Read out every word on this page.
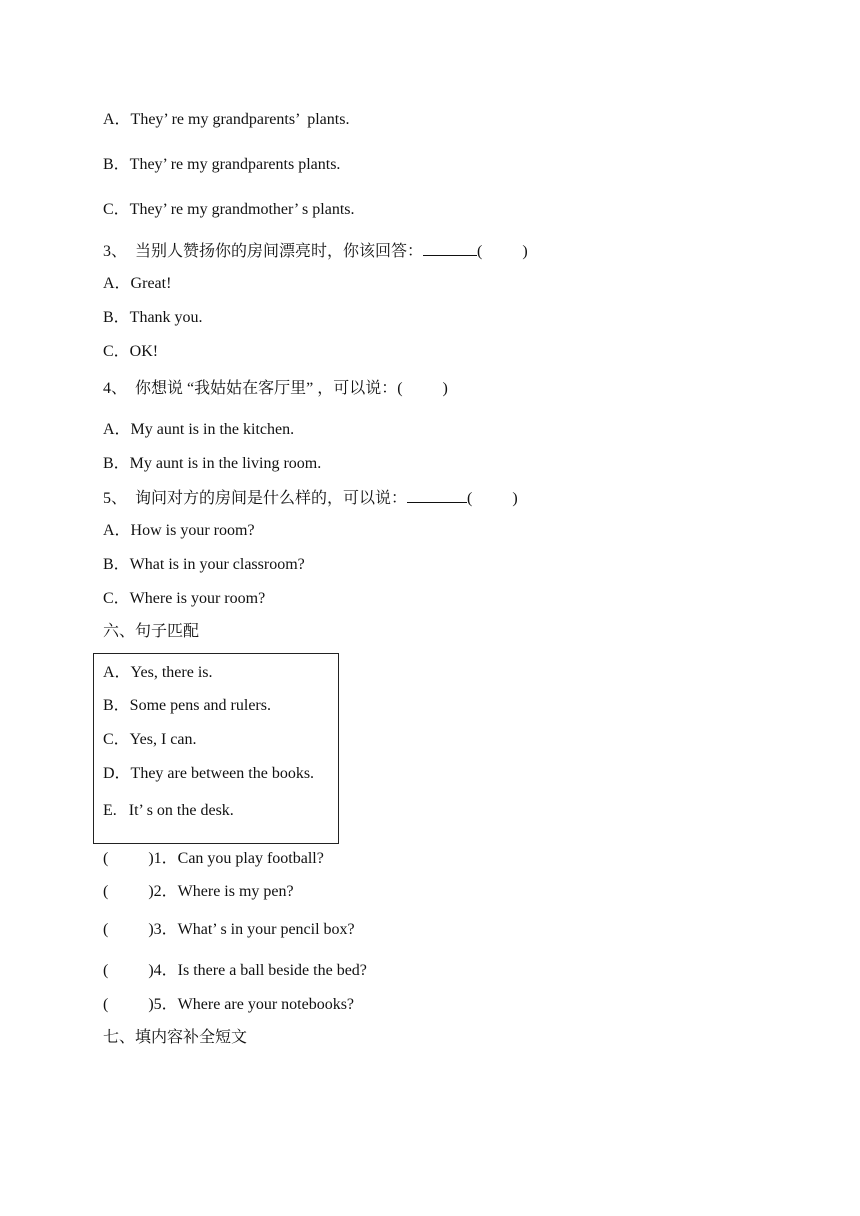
A．They’ re my grandparents’  plants.
B．They’ re my grandparents plants.
C．They’ re my grandmother’ s plants.
3、  当别人赞扬你的房间漂亮时，你该回答：	(          )
A．Great!
B．Thank you.
C．OK!
4、  你想说 “我姑姑在客厅里” ，可以说：(          )
A．My aunt is in the kitchen.
B．My aunt is in the living room.
5、  询问对方的房间是什么样的，可以说：	(          )
A．How is your room?
B．What is in your classroom?
C．Where is your room?
六、句子匹配
A．Yes, there is.
B．Some pens and rulers.
C．Yes, I can.
D．They are between the books.
E.   It’ s on the desk.
(          )1．Can you play football?
(          )2．Where is my pen?
(          )3．What’ s in your pencil box?
(          )4．Is there a ball beside the bed?
(          )5．Where are your notebooks?
七、填内容补全短文
